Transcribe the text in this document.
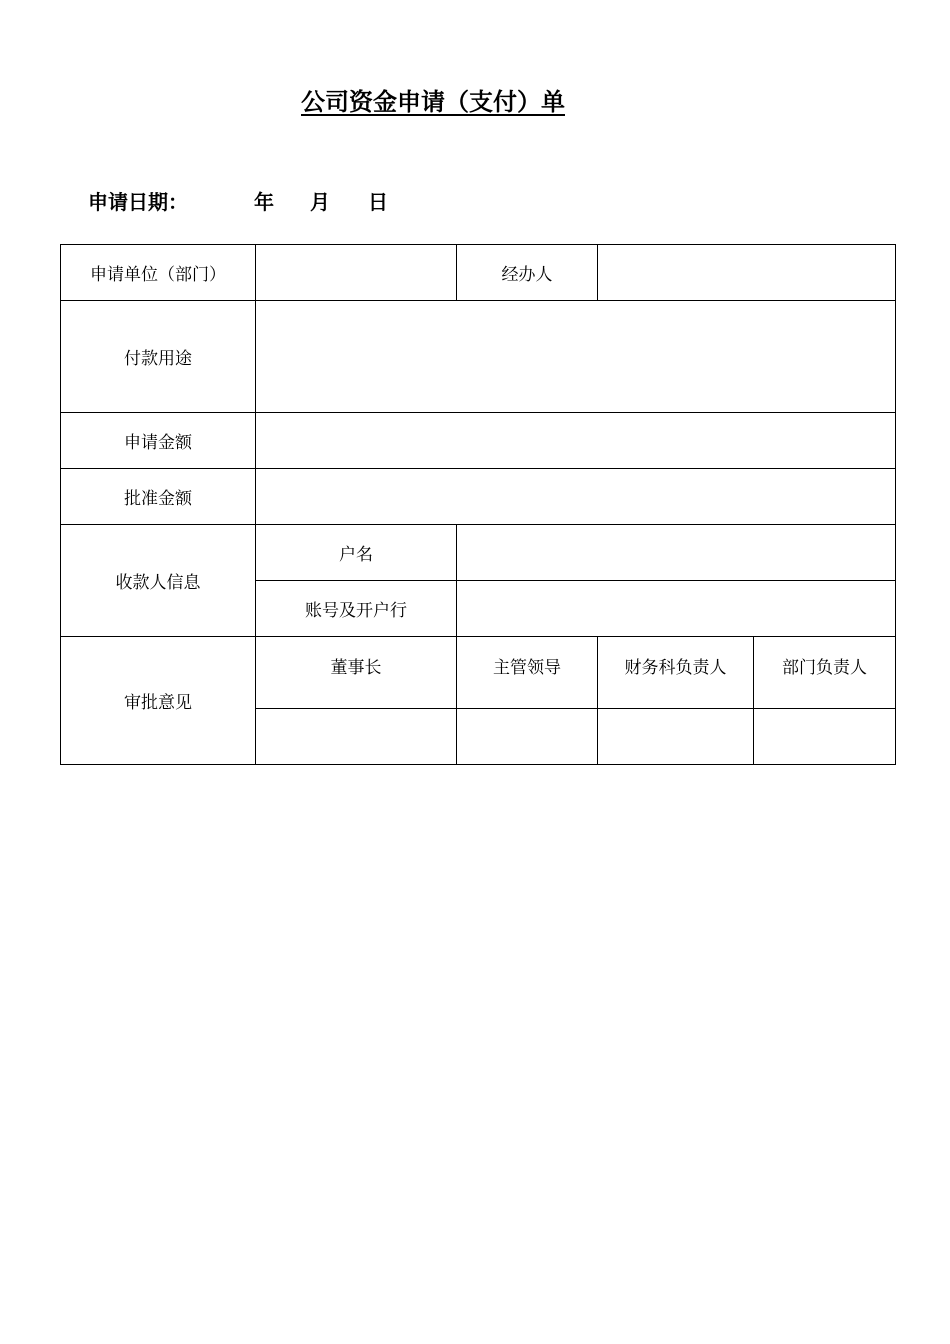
公司资金申请（支付）单
申请日期：	年 月 日
申请单位（部门）		经办人		
付款用途				
申请金额				
批准金额				
收款人信息	户名			
	账号及开户行			
审批意见	董事长	主管领导	财务科负责人	部门负责人
